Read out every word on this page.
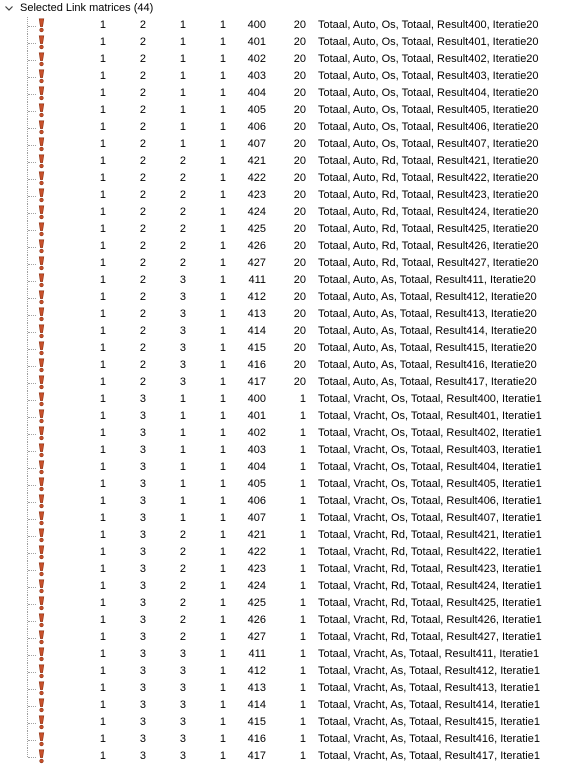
Selected Link matrices (44)
1	2	1	1	400	20 Totaal, Auto, Os, Totaal, Result400, Iteratie20
1	2	1	1	401	20 Totaal, Auto, Os, Totaal, Result401, Iteratie20
1	2	1	1	402	20 Totaal, Auto, Os, Totaal, Result402, Iteratie20
1	2	1	1	403	20 Totaal, Auto, Os, Totaal, Result403, Iteratie20
1	2	1	1	404	20 Totaal, Auto, Os, Totaal, Result404, Iteratie20
1	2	1	1	405	20 Totaal, Auto, Os, Totaal, Result405, Iteratie20
1	2	1	1	406	20 Totaal, Auto, Os, Totaal, Result406, Iteratie20
1	2	1	1	407	20 Totaal, Auto, Os, Totaal, Result407, Iteratie20
1	2	2	1	421	20 Totaal, Auto, Rd, Totaal, Result421, Iteratie20
1	2	2	1	422	20 Totaal, Auto, Rd, Totaal, Result422, Iteratie20
1	2	2	1	423	20 Totaal, Auto, Rd, Totaal, Result423, Iteratie20
1	2	2	1	424	20 Totaal, Auto, Rd, Totaal, Result424, Iteratie20
1	2	2	1	425	20 Totaal, Auto, Rd, Totaal, Result425, Iteratie20
1	2	2	1	426	20 Totaal, Auto, Rd, Totaal, Result426, Iteratie20
1	2	2	1	427	20 Totaal, Auto, Rd, Totaal, Result427, Iteratie20
1	2	3	1	411	20 Totaal, Auto, As, Totaal, Result411, Iteratie20
1	2	3	1	412	20 Totaal, Auto, As, Totaal, Result412, Iteratie20
1	2	3	1	413	20 Totaal, Auto, As, Totaal, Result413, Iteratie20
1	2	3	1	414	20 Totaal, Auto, As, Totaal, Result414, Iteratie20
1	2	3	1	415	20 Totaal, Auto, As, Totaal, Result415, Iteratie20
1	2	3	1	416	20 Totaal, Auto, As, Totaal, Result416, Iteratie20
1	2	3	1	417	20 Totaal, Auto, As, Totaal, Result417, Iteratie20
1	3	1	1	400	1 Totaal, Vracht, Os, Totaal, Result400, Iteratie1
1	3	1	1	401	1 Totaal, Vracht, Os, Totaal, Result401, Iteratie1
1	3	1	1	402	1 Totaal, Vracht, Os, Totaal, Result402, Iteratie1
1	3	1	1	403	1 Totaal, Vracht, Os, Totaal, Result403, Iteratie1
1	3	1	1	404	1 Totaal, Vracht, Os, Totaal, Result404, Iteratie1
1	3	1	1	405	1 Totaal, Vracht, Os, Totaal, Result405, Iteratie1
1	3	1	1	406	1 Totaal, Vracht, Os, Totaal, Result406, Iteratie1
1	3	1	1	407	1 Totaal, Vracht, Os, Totaal, Result407, Iteratie1
1	3	2	1	421	1 Totaal, Vracht, Rd, Totaal, Result421, Iteratie1
1	3	2	1	422	1 Totaal, Vracht, Rd, Totaal, Result422, Iteratie1
1	3	2	1	423	1 Totaal, Vracht, Rd, Totaal, Result423, Iteratie1
1	3	2	1	424	1 Totaal, Vracht, Rd, Totaal, Result424, Iteratie1
1	3	2	1	425	1 Totaal, Vracht, Rd, Totaal, Result425, Iteratie1
1	3	2	1	426	1 Totaal, Vracht, Rd, Totaal, Result426, Iteratie1
1	3	2	1	427	1 Totaal, Vracht, Rd, Totaal, Result427, Iteratie1
1	3	3	1	411	1 Totaal, Vracht, As, Totaal, Result411, Iteratie1
1	3	3	1	412	1 Totaal, Vracht, As, Totaal, Result412, Iteratie1
1	3	3	1	413	1 Totaal, Vracht, As, Totaal, Result413, Iteratie1
1	3	3	1	414	1 Totaal, Vracht, As, Totaal, Result414, Iteratie1
1	3	3	1	415	1 Totaal, Vracht, As, Totaal, Result415, Iteratie1
1	3	3	1	416	1 Totaal, Vracht, As, Totaal, Result416, Iteratie1
1	3	3	1	417	1 Totaal, Vracht, As, Totaal, Result417, Iteratie1
